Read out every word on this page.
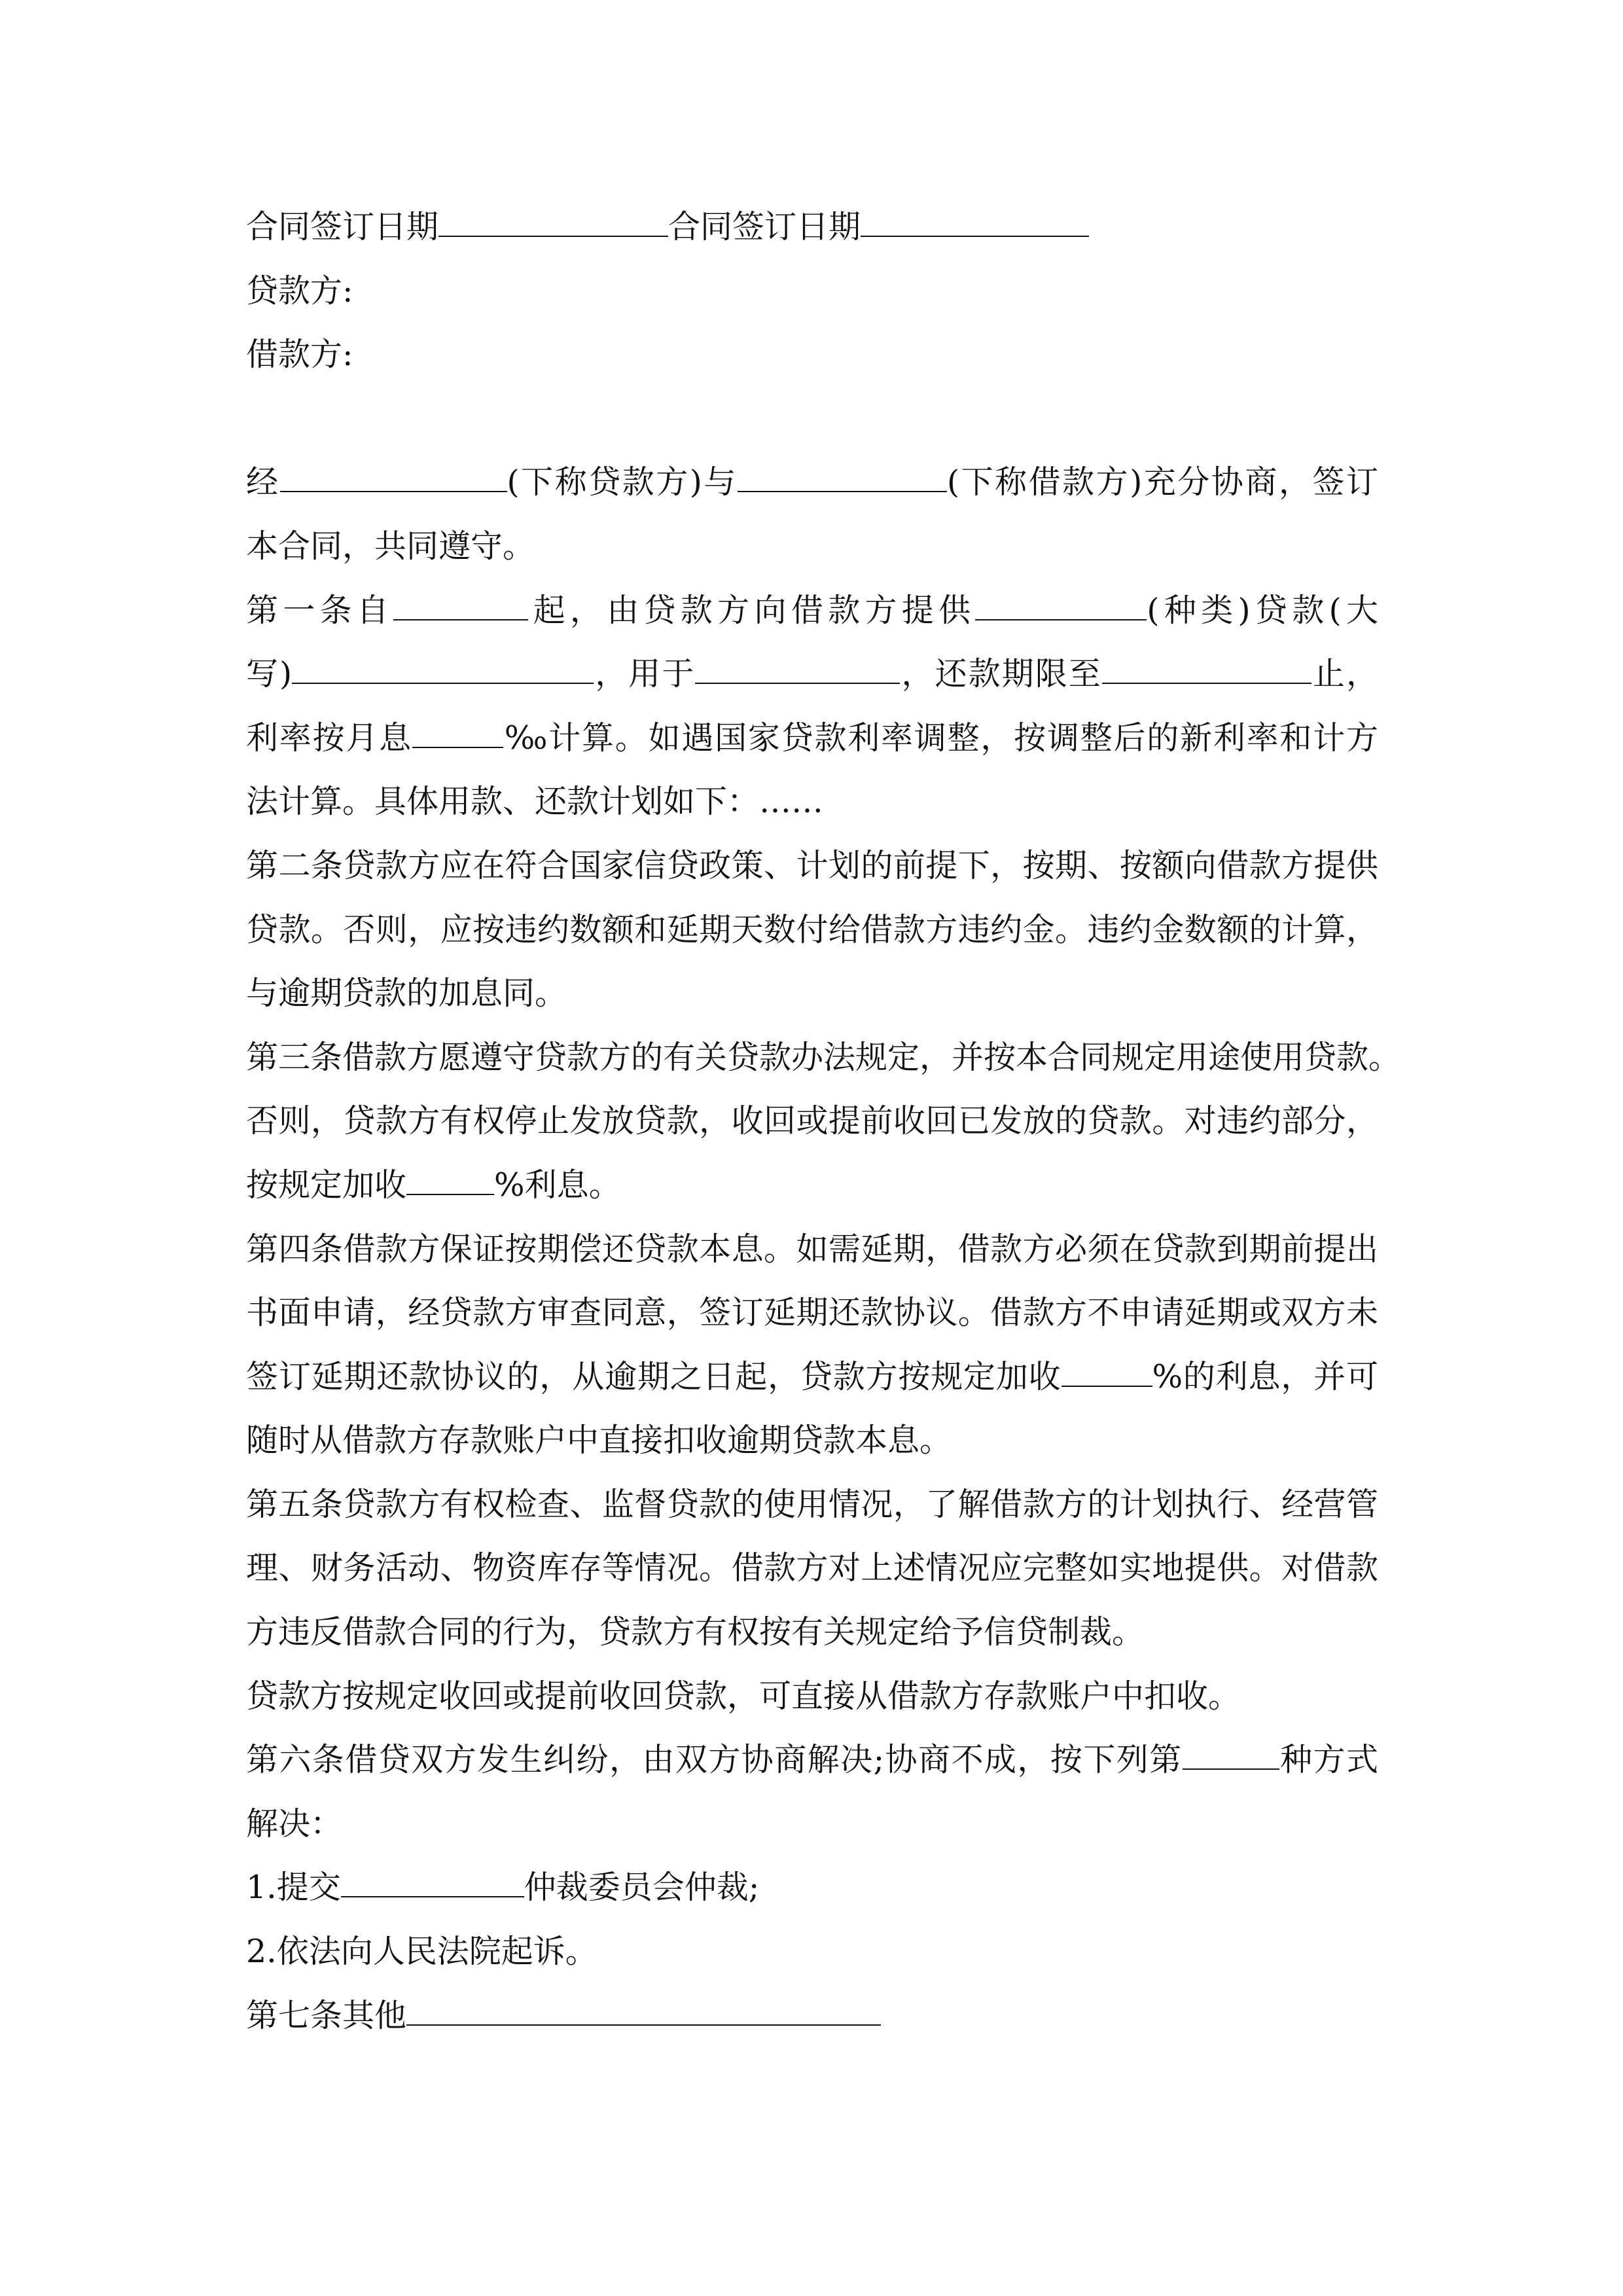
合同签订日期	合同签订日期
贷款方:
借款方:
经	(下称贷款方)与	(下称借款方)充分协商，签订
本合同，共同遵守。
第一条自	起，由贷款方向借款方提供	(种类)贷款(大
写)	，用于	，还款期限至	止，
利率按月息	‰计算。如遇国家贷款利率调整，按调整后的新利率和计方
法计算。具体用款、还款计划如下：……
第二条贷款方应在符合国家信贷政策、计划的前提下，按期、按额向借款方提供
贷款。否则，应按违约数额和延期天数付给借款方违约金。违约金数额的计算，
与逾期贷款的加息同。
第三条借款方愿遵守贷款方的有关贷款办法规定，并按本合同规定用途使用贷款。
否则，贷款方有权停止发放贷款，收回或提前收回已发放的贷款。对违约部分，
按规定加收	%利息。
第四条借款方保证按期偿还贷款本息。如需延期，借款方必须在贷款到期前提出
书面申请，经贷款方审查同意，签订延期还款协议。借款方不申请延期或双方未
签订延期还款协议的，从逾期之日起，贷款方按规定加收	%的利息，并可
随时从借款方存款账户中直接扣收逾期贷款本息。
第五条贷款方有权检查、监督贷款的使用情况，了解借款方的计划执行、经营管
理、财务活动、物资库存等情况。借款方对上述情况应完整如实地提供。对借款
方违反借款合同的行为，贷款方有权按有关规定给予信贷制裁。
贷款方按规定收回或提前收回贷款，可直接从借款方存款账户中扣收。
第六条借贷双方发生纠纷，由双方协商解决;协商不成，按下列第	种方式
解决：
1.提交	仲裁委员会仲裁;
2.依法向人民法院起诉。
第七条其他
